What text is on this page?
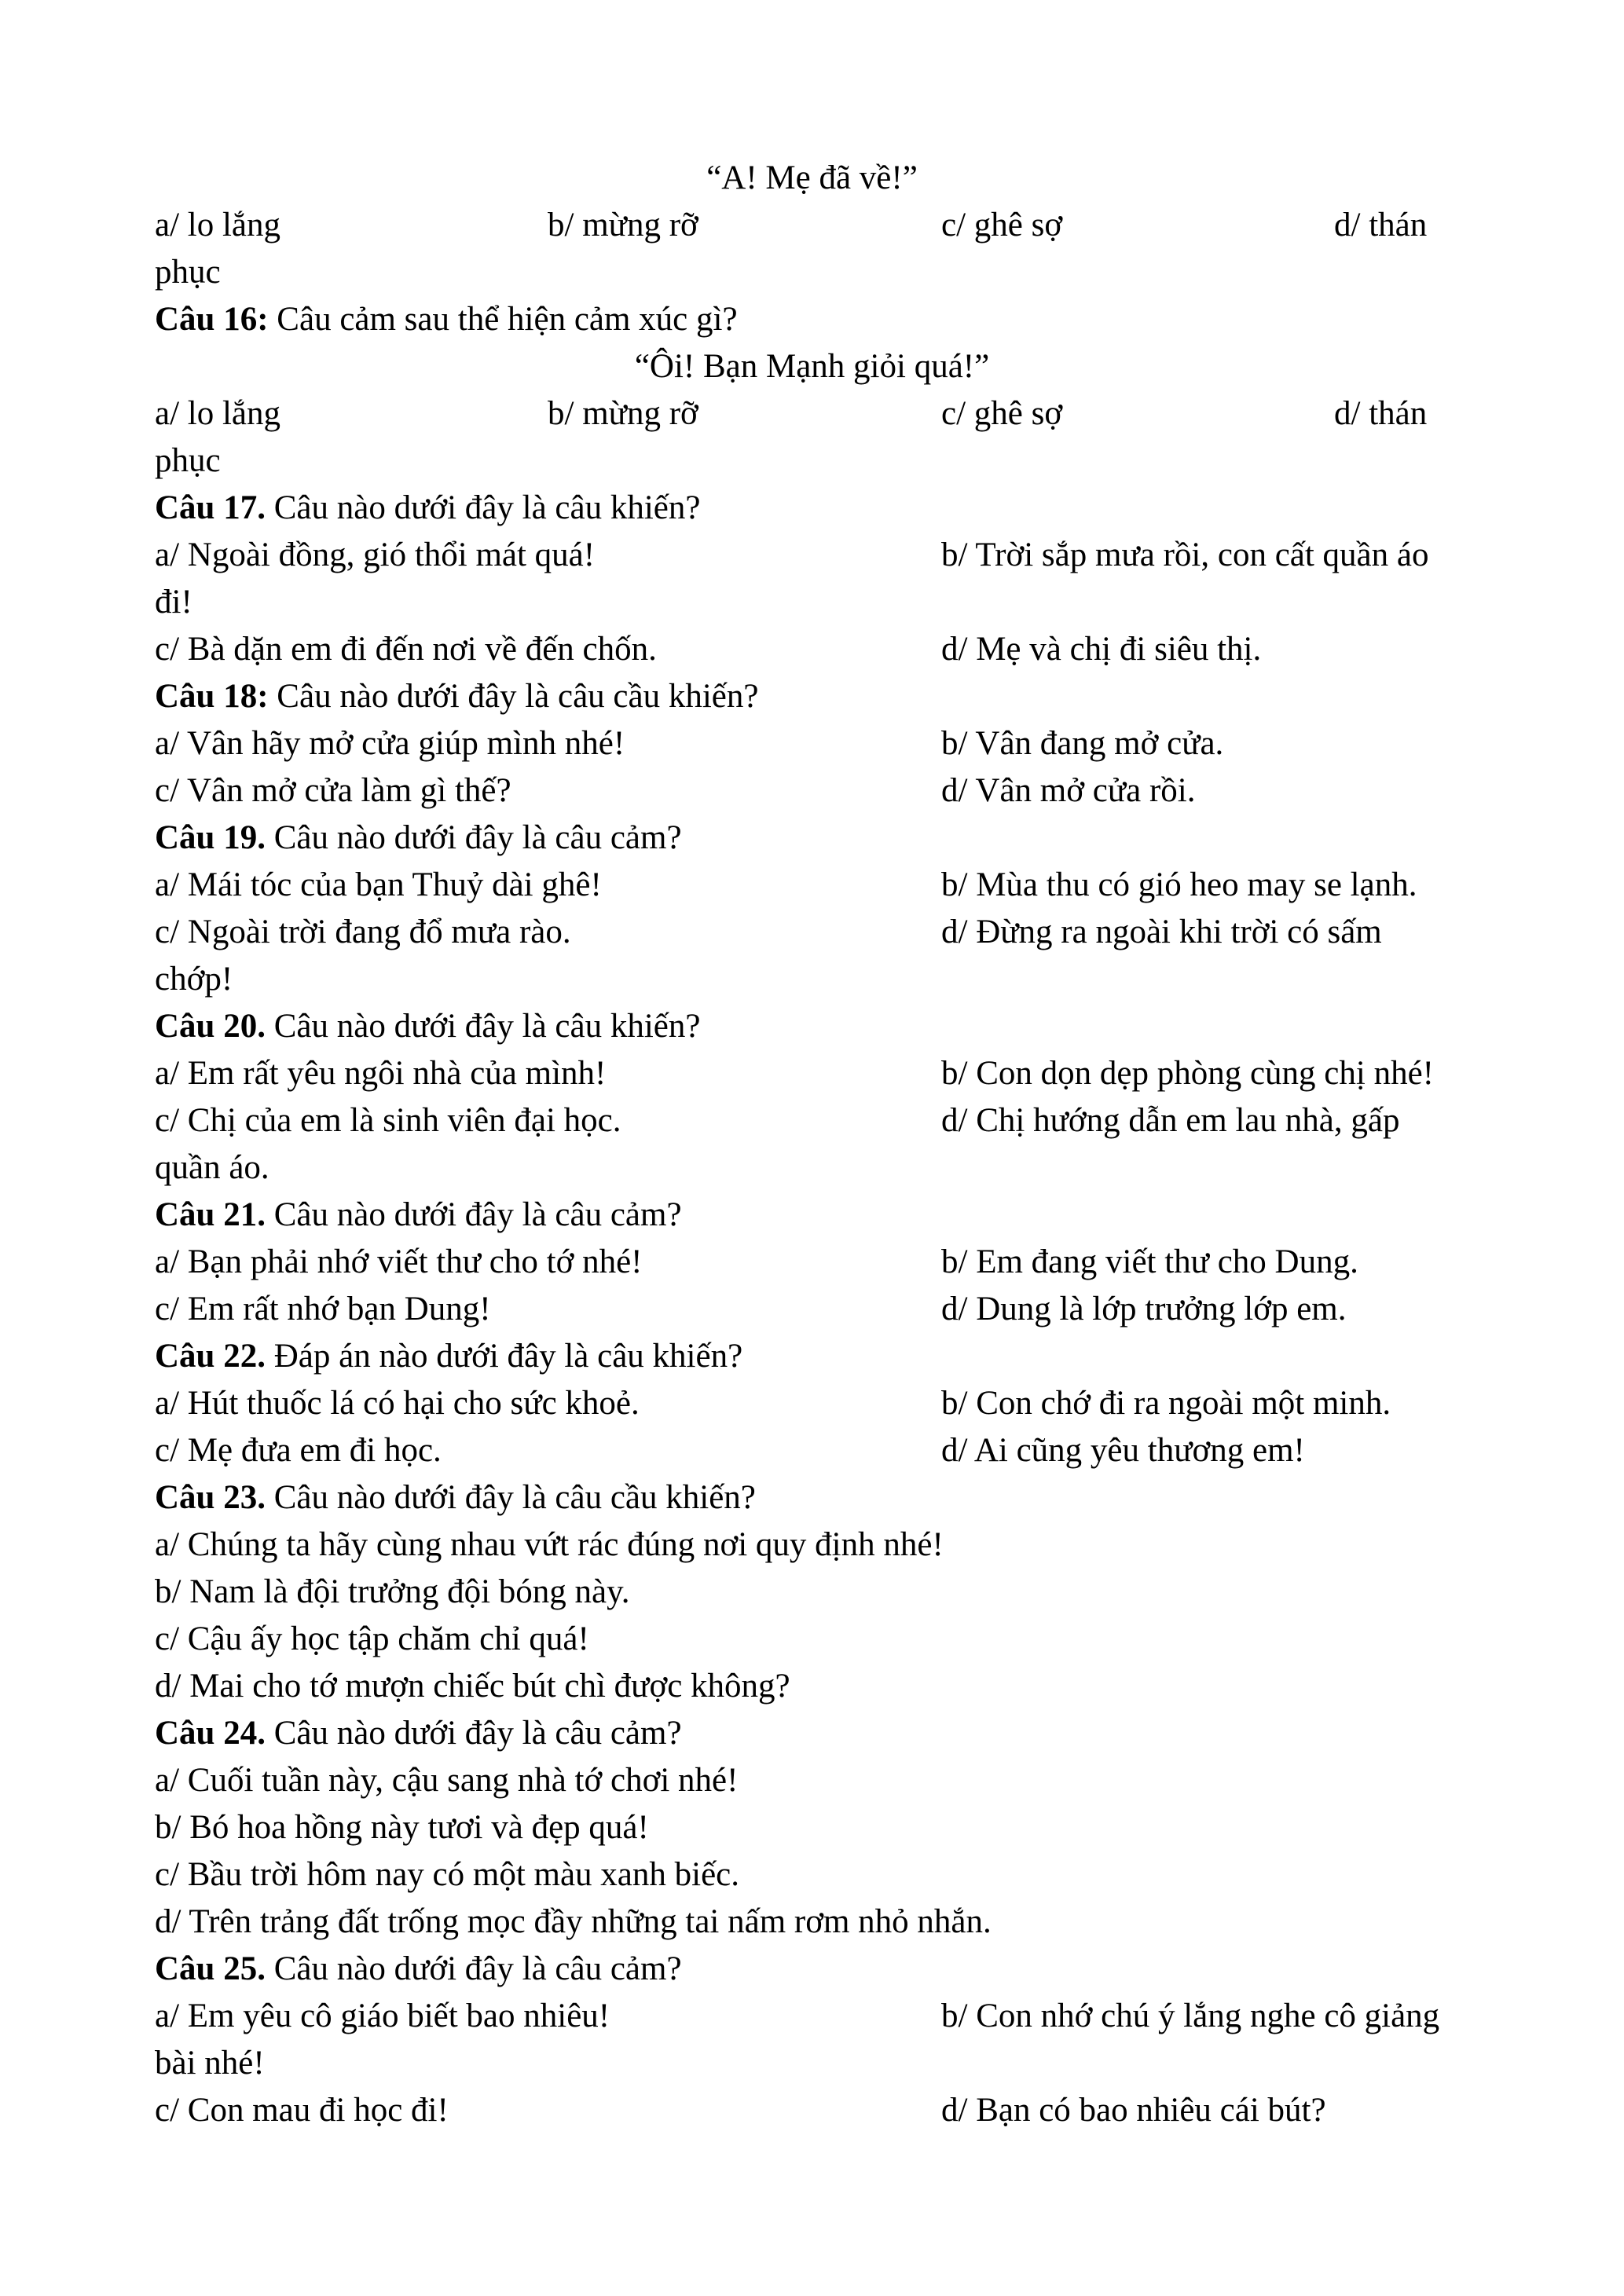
“A! Mẹ đã về!”
a/ lo lắng	b/ mừng rỡ	c/ ghê sợ	d/ thán
phục
Câu 16: Câu cảm sau thể hiện cảm xúc gì?
“Ôi! Bạn Mạnh giỏi quá!”
a/ lo lắng	b/ mừng rỡ	c/ ghê sợ	d/ thán
phục
Câu 17. Câu nào dưới đây là câu khiến?
a/ Ngoài đồng, gió thổi mát quá!	b/ Trời sắp mưa rồi, con cất quần áo
đi!
c/ Bà dặn em đi đến nơi về đến chốn.	d/ Mẹ và chị đi siêu thị.
Câu 18: Câu nào dưới đây là câu cầu khiến?
a/ Vân hãy mở cửa giúp mình nhé!	b/ Vân đang mở cửa.
c/ Vân mở cửa làm gì thế?	d/ Vân mở cửa rồi.
Câu 19. Câu nào dưới đây là câu cảm?
a/ Mái tóc của bạn Thuỷ dài ghê!	b/ Mùa thu có gió heo may se lạnh.
c/ Ngoài trời đang đổ mưa rào.	d/ Đừng ra ngoài khi trời có sấm
chớp!
Câu 20. Câu nào dưới đây là câu khiến?
a/ Em rất yêu ngôi nhà của mình!	b/ Con dọn dẹp phòng cùng chị nhé!
c/ Chị của em là sinh viên đại học.	d/ Chị hướng dẫn em lau nhà, gấp
quần áo.
Câu 21. Câu nào dưới đây là câu cảm?
a/ Bạn phải nhớ viết thư cho tớ nhé!	b/ Em đang viết thư cho Dung.
c/ Em rất nhớ bạn Dung!	d/ Dung là lớp trưởng lớp em.
Câu 22. Đáp án nào dưới đây là câu khiến?
a/ Hút thuốc lá có hại cho sức khoẻ.	b/ Con chớ đi ra ngoài một minh.
c/ Mẹ đưa em đi học.	d/ Ai cũng yêu thương em!
Câu 23. Câu nào dưới đây là câu cầu khiến?
a/ Chúng ta hãy cùng nhau vứt rác đúng nơi quy định nhé!
b/ Nam là đội trưởng đội bóng này.
c/ Cậu ấy học tập chăm chỉ quá!
d/ Mai cho tớ mượn chiếc bút chì được không?
Câu 24. Câu nào dưới đây là câu cảm?
a/ Cuối tuần này, cậu sang nhà tớ chơi nhé!
b/ Bó hoa hồng này tươi và đẹp quá!
c/ Bầu trời hôm nay có một màu xanh biếc.
d/ Trên trảng đất trống mọc đầy những tai nấm rơm nhỏ nhắn.
Câu 25. Câu nào dưới đây là câu cảm?
a/ Em yêu cô giáo biết bao nhiêu!	b/ Con nhớ chú ý lắng nghe cô giảng
bài nhé!
c/ Con mau đi học đi!	d/ Bạn có bao nhiêu cái bút?
